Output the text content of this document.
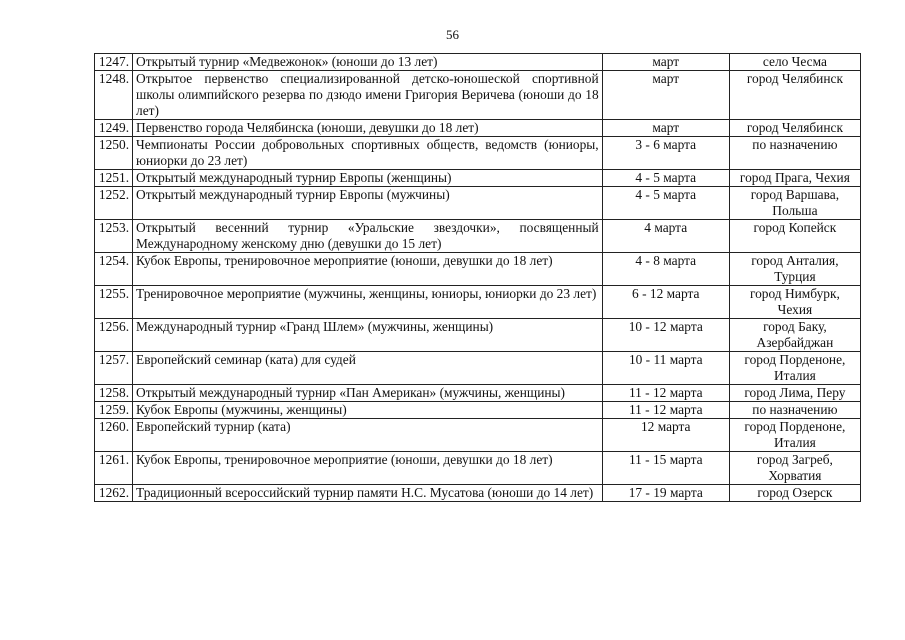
56
1247.	Открытый турнир «Медвежонок» (юноши до 13 лет)	март	село Чесма
1248.	Открытое первенство специализированной детско-юношеской спортивной школы олимпийского резерва по дзюдо имени Григория Веричева (юноши до 18 лет)	март	город Челябинск
1249.	Первенство города Челябинска (юноши, девушки до 18 лет)	март	город Челябинск
1250.	Чемпионаты России добровольных спортивных обществ, ведомств (юниоры, юниорки до 23 лет)	3 - 6 марта	по назначению
1251.	Открытый международный турнир Европы (женщины)	4 - 5 марта	город Прага, Чехия
1252.	Открытый международный турнир Европы (мужчины)	4 - 5 марта	город Варшава, Польша
1253.	Открытый весенний турнир «Уральские звездочки», посвященный Международному женскому дню (девушки до 15 лет)	4 марта	город Копейск
1254.	Кубок Европы, тренировочное мероприятие (юноши, девушки до 18 лет)	4 - 8 марта	город Анталия, Турция
1255.	Тренировочное мероприятие (мужчины, женщины, юниоры, юниорки до 23 лет)	6 - 12 марта	город Нимбурк, Чехия
1256.	Международный турнир «Гранд Шлем» (мужчины, женщины)	10 - 12 марта	город Баку, Азербайджан
1257.	Европейский семинар (ката) для судей	10 - 11 марта	город Порденоне, Италия
1258.	Открытый международный турнир «Пан Американ» (мужчины, женщины)	11 - 12 марта	город Лима, Перу
1259.	Кубок Европы (мужчины, женщины)	11 - 12 марта	по назначению
1260.	Европейский турнир (ката)	12 марта	город Порденоне, Италия
1261.	Кубок Европы, тренировочное мероприятие (юноши, девушки до 18 лет)	11 - 15 марта	город Загреб, Хорватия
1262.	Традиционный всероссийский турнир памяти Н.С. Мусатова (юноши до 14 лет)	17 - 19 марта	город Озерск
